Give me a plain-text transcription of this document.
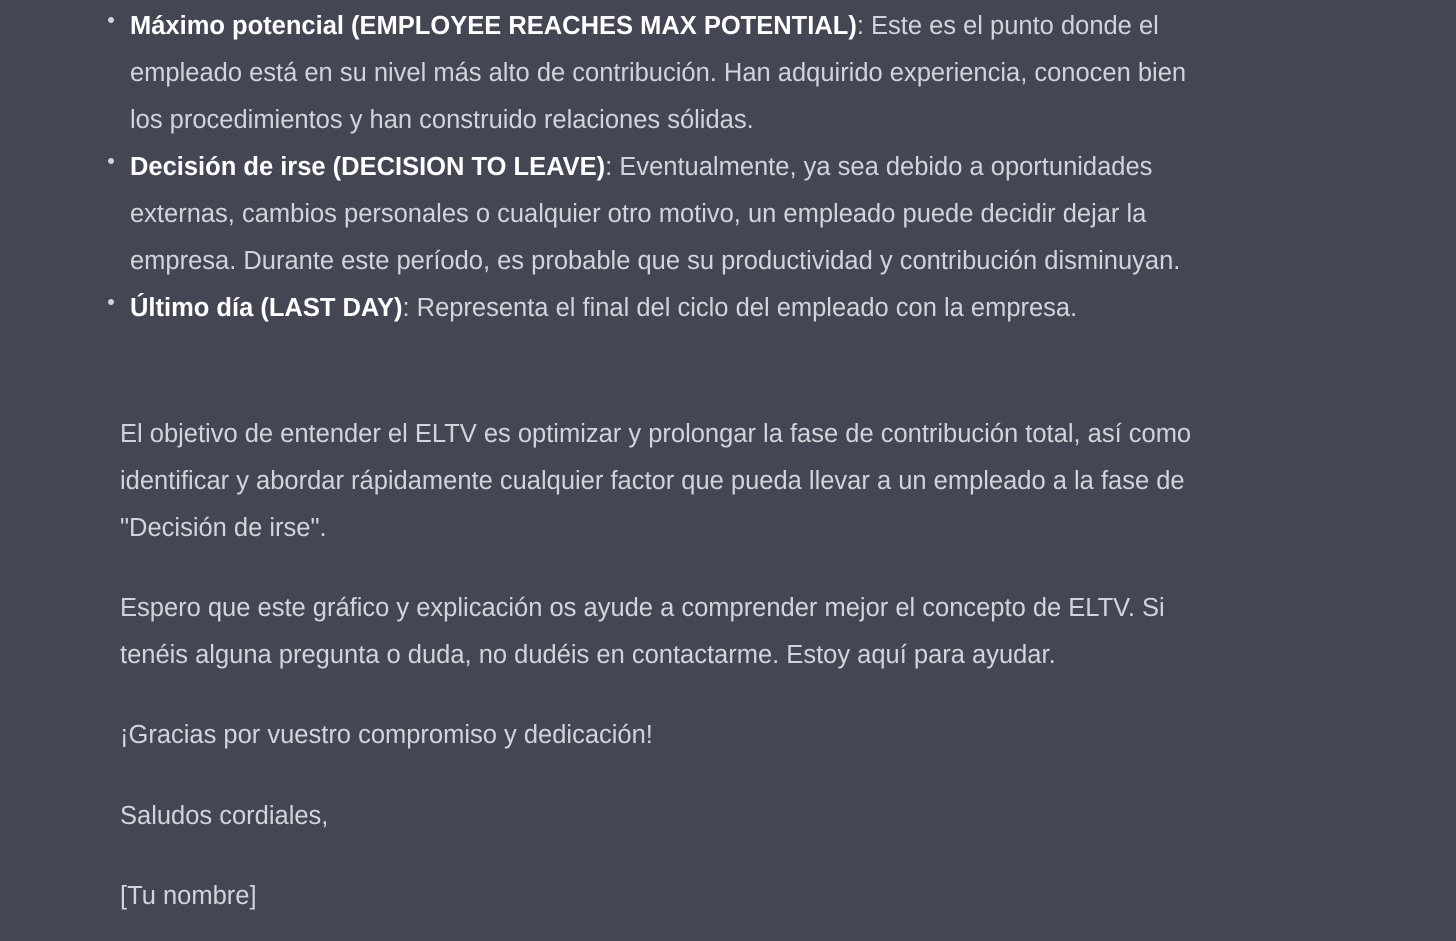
Máximo potencial (EMPLOYEE REACHES MAX POTENTIAL): Este es el punto donde el empleado está en su nivel más alto de contribución. Han adquirido experiencia, conocen bien los procedimientos y han construido relaciones sólidas.
Decisión de irse (DECISION TO LEAVE): Eventualmente, ya sea debido a oportunidades externas, cambios personales o cualquier otro motivo, un empleado puede decidir dejar la empresa. Durante este período, es probable que su productividad y contribución disminuyan.
Último día (LAST DAY): Representa el final del ciclo del empleado con la empresa.

El objetivo de entender el ELTV es optimizar y prolongar la fase de contribución total, así como identificar y abordar rápidamente cualquier factor que pueda llevar a un empleado a la fase de "Decisión de irse".

Espero que este gráfico y explicación os ayude a comprender mejor el concepto de ELTV. Si tenéis alguna pregunta o duda, no dudéis en contactarme. Estoy aquí para ayudar.

¡Gracias por vuestro compromiso y dedicación!

Saludos cordiales,

[Tu nombre]
